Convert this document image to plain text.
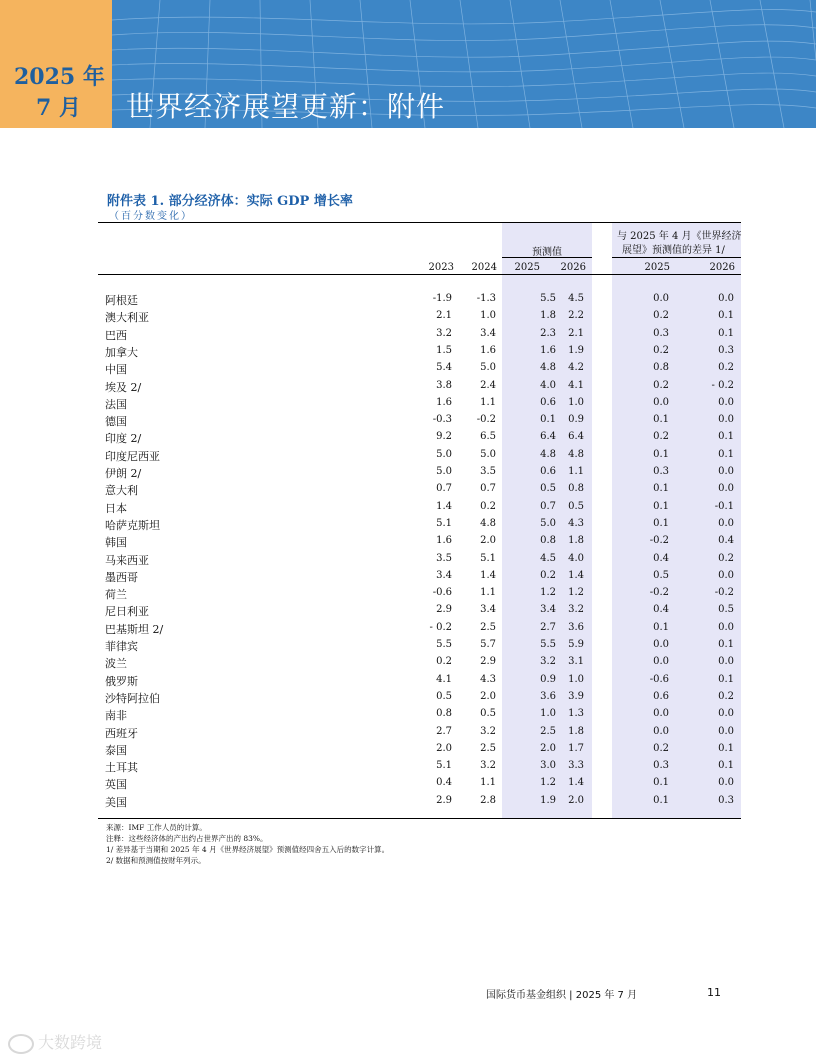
2025 年
7 月 世界经济展望更新：附件
附件表 1. 部分经济体：实际 GDP 增长率
（百分数变化）
预测值
与 2025 年 4 月《世界经济
展望》预测值的差异 1/
2023	2024	2025	2026	2025	2026
阿根廷	-1.9	-1.3	5.5	4.5	0.0	0.0
澳大利亚	2.1	1.0	1.8	2.2	0.2	0.1
巴西	3.2	3.4	2.3	2.1	0.3	0.1
加拿大	1.5	1.6	1.6	1.9	0.2	0.3
中国	5.4	5.0	4.8	4.2	0.8	0.2
埃及 2/	3.8	2.4	4.0	4.1	0.2	- 0.2
法国	1.6	1.1	0.6	1.0	0.0	0.0
德国	-0.3	-0.2	0.1	0.9	0.1	0.0
印度 2/	9.2	6.5	6.4	6.4	0.2	0.1
印度尼西亚	5.0	5.0	4.8	4.8	0.1	0.1
伊朗 2/	5.0	3.5	0.6	1.1	0.3	0.0
意大利	0.7	0.7	0.5	0.8	0.1	0.0
日本	1.4	0.2	0.7	0.5	0.1	-0.1
哈萨克斯坦	5.1	4.8	5.0	4.3	0.1	0.0
韩国	1.6	2.0	0.8	1.8	-0.2	0.4
马来西亚	3.5	5.1	4.5	4.0	0.4	0.2
墨西哥	3.4	1.4	0.2	1.4	0.5	0.0
荷兰	-0.6	1.1	1.2	1.2	-0.2	-0.2
尼日利亚	2.9	3.4	3.4	3.2	0.4	0.5
巴基斯坦 2/	- 0.2	2.5	2.7	3.6	0.1	0.0
菲律宾	5.5	5.7	5.5	5.9	0.0	0.1
波兰	0.2	2.9	3.2	3.1	0.0	0.0
俄罗斯	4.1	4.3	0.9	1.0	-0.6	0.1
沙特阿拉伯	0.5	2.0	3.6	3.9	0.6	0.2
南非	0.8	0.5	1.0	1.3	0.0	0.0
西班牙	2.7	3.2	2.5	1.8	0.0	0.0
泰国	2.0	2.5	2.0	1.7	0.2	0.1
土耳其	5.1	3.2	3.0	3.3	0.3	0.1
英国	0.4	1.1	1.2	1.4	0.1	0.0
美国	2.9	2.8	1.9	2.0	0.1	0.3
来源：IMF 工作人员的计算。
注释：这些经济体的产出约占世界产出的 83%。
1/ 差异基于当期和 2025 年 4 月《世界经济展望》预测值经四舍五入后的数字计算。
2/ 数据和预测值按财年列示。
国际货币基金组织 | 2025 年 7 月	11
大数跨境
